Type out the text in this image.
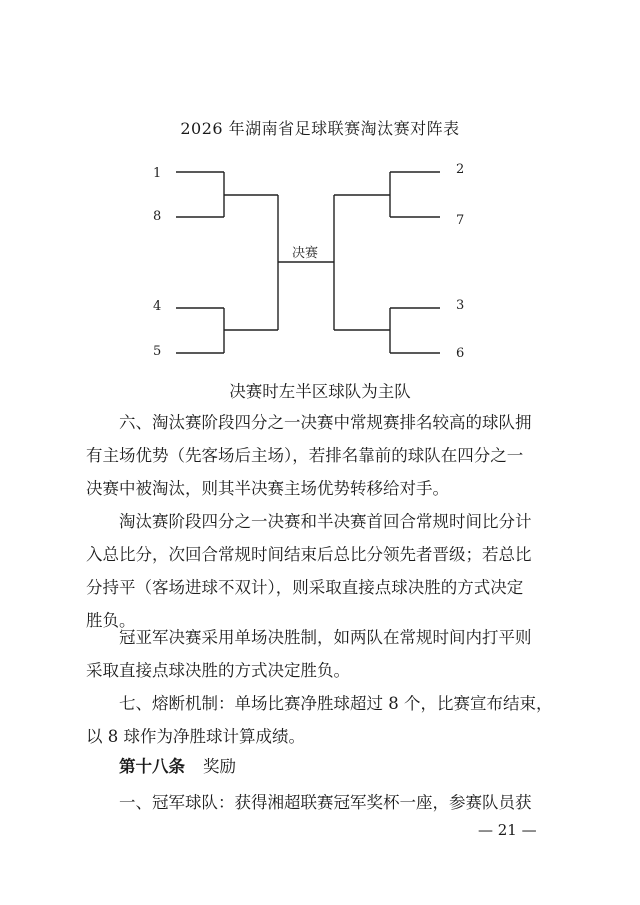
2026 年湖南省足球联赛淘汰赛对阵表
1
8
4
5
2
7
3
6
决赛
决赛时左半区球队为主队

六、淘汰赛阶段四分之一决赛中常规赛排名较高的球队拥
有主场优势（先客场后主场），若排名靠前的球队在四分之一
决赛中被淘汰，则其半决赛主场优势转移给对手。

淘汰赛阶段四分之一决赛和半决赛首回合常规时间比分计
入总比分，次回合常规时间结束后总比分领先者晋级；若总比
分持平（客场进球不双计），则采取直接点球决胜的方式决定
胜负。

冠亚军决赛采用单场决胜制，如两队在常规时间内打平则
采取直接点球决胜的方式决定胜负。

七、熔断机制：单场比赛净胜球超过 8 个，比赛宣布结束，
以 8 球作为净胜球计算成绩。

第十八条 奖励

一、冠军球队：获得湘超联赛冠军奖杯一座，参赛队员获

— 21 —
